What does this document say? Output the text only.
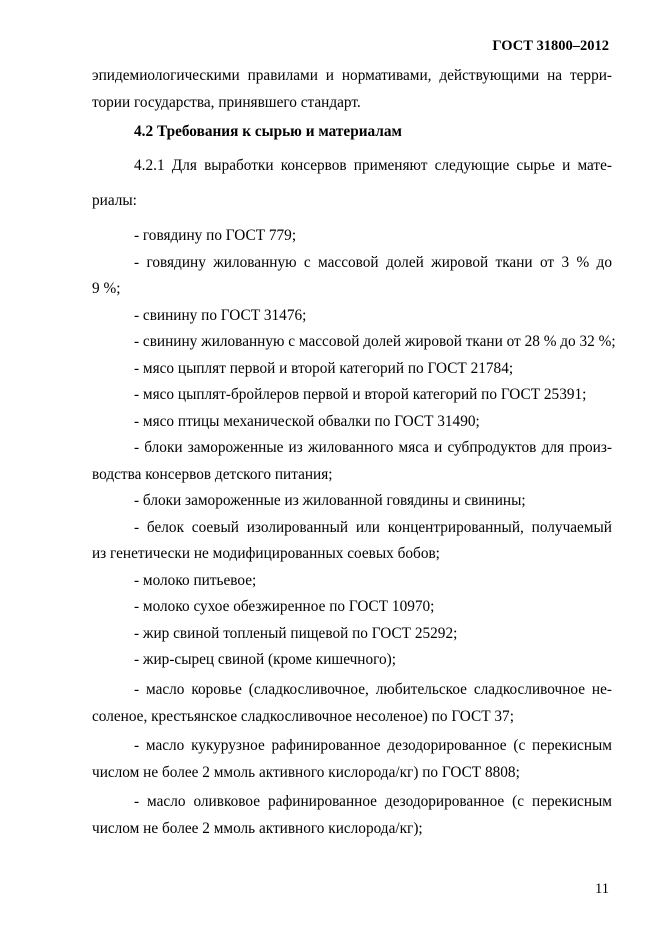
ГОСТ 31800–2012
эпидемиологическими правилами и нормативами, действующими на терри-
тории государства, принявшего стандарт.
4.2 Требования к сырью и материалам
4.2.1 Для выработки консервов применяют следующие сырье и мате-
риалы:
- говядину по ГОСТ 779;
- говядину жилованную с массовой долей жировой ткани от 3 % до
9 %;
- свинину по ГОСТ 31476;
- свинину жилованную с массовой долей жировой ткани от 28 % до 32 %;
- мясо цыплят первой и второй категорий по ГОСТ 21784;
- мясо цыплят-бройлеров первой и второй категорий по ГОСТ 25391;
- мясо птицы механической обвалки по ГОСТ 31490;
- блоки замороженные из жилованного мяса и субпродуктов для произ-
водства консервов детского питания;
- блоки замороженные из жилованной говядины и свинины;
- белок соевый изолированный или концентрированный, получаемый
из генетически не модифицированных соевых бобов;
- молоко питьевое;
- молоко сухое обезжиренное по ГОСТ 10970;
- жир свиной топленый пищевой по ГОСТ 25292;
- жир-сырец свиной (кроме кишечного);
- масло коровье (сладкосливочное, любительское сладкосливочное не-
соленое, крестьянское сладкосливочное несоленое) по ГОСТ 37;
- масло кукурузное рафинированное дезодорированное (с перекисным
числом не более 2 ммоль активного кислорода/кг) по ГОСТ 8808;
- масло оливковое рафинированное дезодорированное (с перекисным
числом не более 2 ммоль активного кислорода/кг);
11
